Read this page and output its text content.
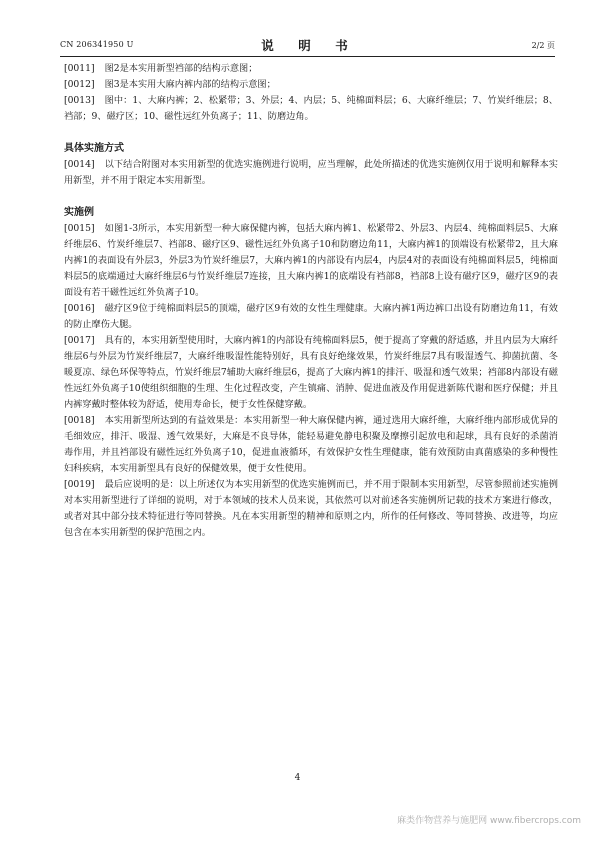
CN 206341950 U	说　明　书	2/2 页
[0011] 图2是本实用新型裆部的结构示意图；
[0012] 图3是本实用大麻内裤内部的结构示意图；
[0013] 图中：1、大麻内裤；2、松紧带；3、外层；4、内层；5、纯棉面料层；6、大麻纤维层；7、竹炭纤维层；8、裆部；9、磁疗区；10、磁性远红外负离子；11、防磨边角。
具体实施方式
[0014] 以下结合附图对本实用新型的优选实施例进行说明，应当理解，此处所描述的优选实施例仅用于说明和解释本实用新型，并不用于限定本实用新型。
实施例
[0015] 如图1-3所示，本实用新型一种大麻保健内裤，包括大麻内裤1、松紧带2、外层3、内层4、纯棉面料层5、大麻纤维层6、竹炭纤维层7、裆部8、磁疗区9、磁性远红外负离子10和防磨边角11，大麻内裤1的顶端设有松紧带2，且大麻内裤1的表面设有外层3，外层3为竹炭纤维层7，大麻内裤1的内部设有内层4，内层4对的表面设有纯棉面料层5，纯棉面料层5的底端通过大麻纤维层6与竹炭纤维层7连接，且大麻内裤1的底端设有裆部8，裆部8上设有磁疗区9，磁疗区9的表面设有若干磁性远红外负离子10。
[0016] 磁疗区9位于纯棉面料层5的顶端，磁疗区9有效的女性生理健康。大麻内裤1两边裤口出设有防磨边角11，有效的防止摩伤大腿。
[0017] 具有的，本实用新型使用时，大麻内裤1的内部设有纯棉面料层5，便于提高了穿戴的舒适感，并且内层为大麻纤维层6与外层为竹炭纤维层7，大麻纤维吸湿性能特别好，具有良好绝缘效果，竹炭纤维层7具有吸湿透气、抑菌抗菌、冬暖夏凉、绿色环保等特点，竹炭纤维层7辅助大麻纤维层6，提高了大麻内裤1的排汗、吸湿和透气效果；裆部8内部设有磁性远红外负离子10使组织细胞的生理、生化过程改变，产生镇痛、消肿、促进血液及作用促进新陈代谢和医疗保健；并且内裤穿戴时整体较为舒适，使用寿命长，便于女性保健穿戴。
[0018] 本实用新型所达到的有益效果是：本实用新型一种大麻保健内裤，通过选用大麻纤维，大麻纤维内部形成优异的毛细效应，排汗、吸湿、透气效果好，大麻是不良导体，能轻易避免静电积聚及摩擦引起放电和起球，具有良好的杀菌消毒作用，并且裆部设有磁性远红外负离子10，促进血液循环，有效保护女性生理健康，能有效预防由真菌感染的多种慢性妇科疾病，本实用新型具有良好的保健效果，便于女性使用。
[0019] 最后应说明的是：以上所述仅为本实用新型的优选实施例而已，并不用于限制本实用新型，尽管参照前述实施例对本实用新型进行了详细的说明，对于本领域的技术人员来说，其依然可以对前述各实施例所记载的技术方案进行修改，或者对其中部分技术特征进行等同替换。凡在本实用新型的精神和原则之内，所作的任何修改、等同替换、改进等，均应包含在本实用新型的保护范围之内。
4
麻类作物营养与施肥网 www.fibercrops.com
